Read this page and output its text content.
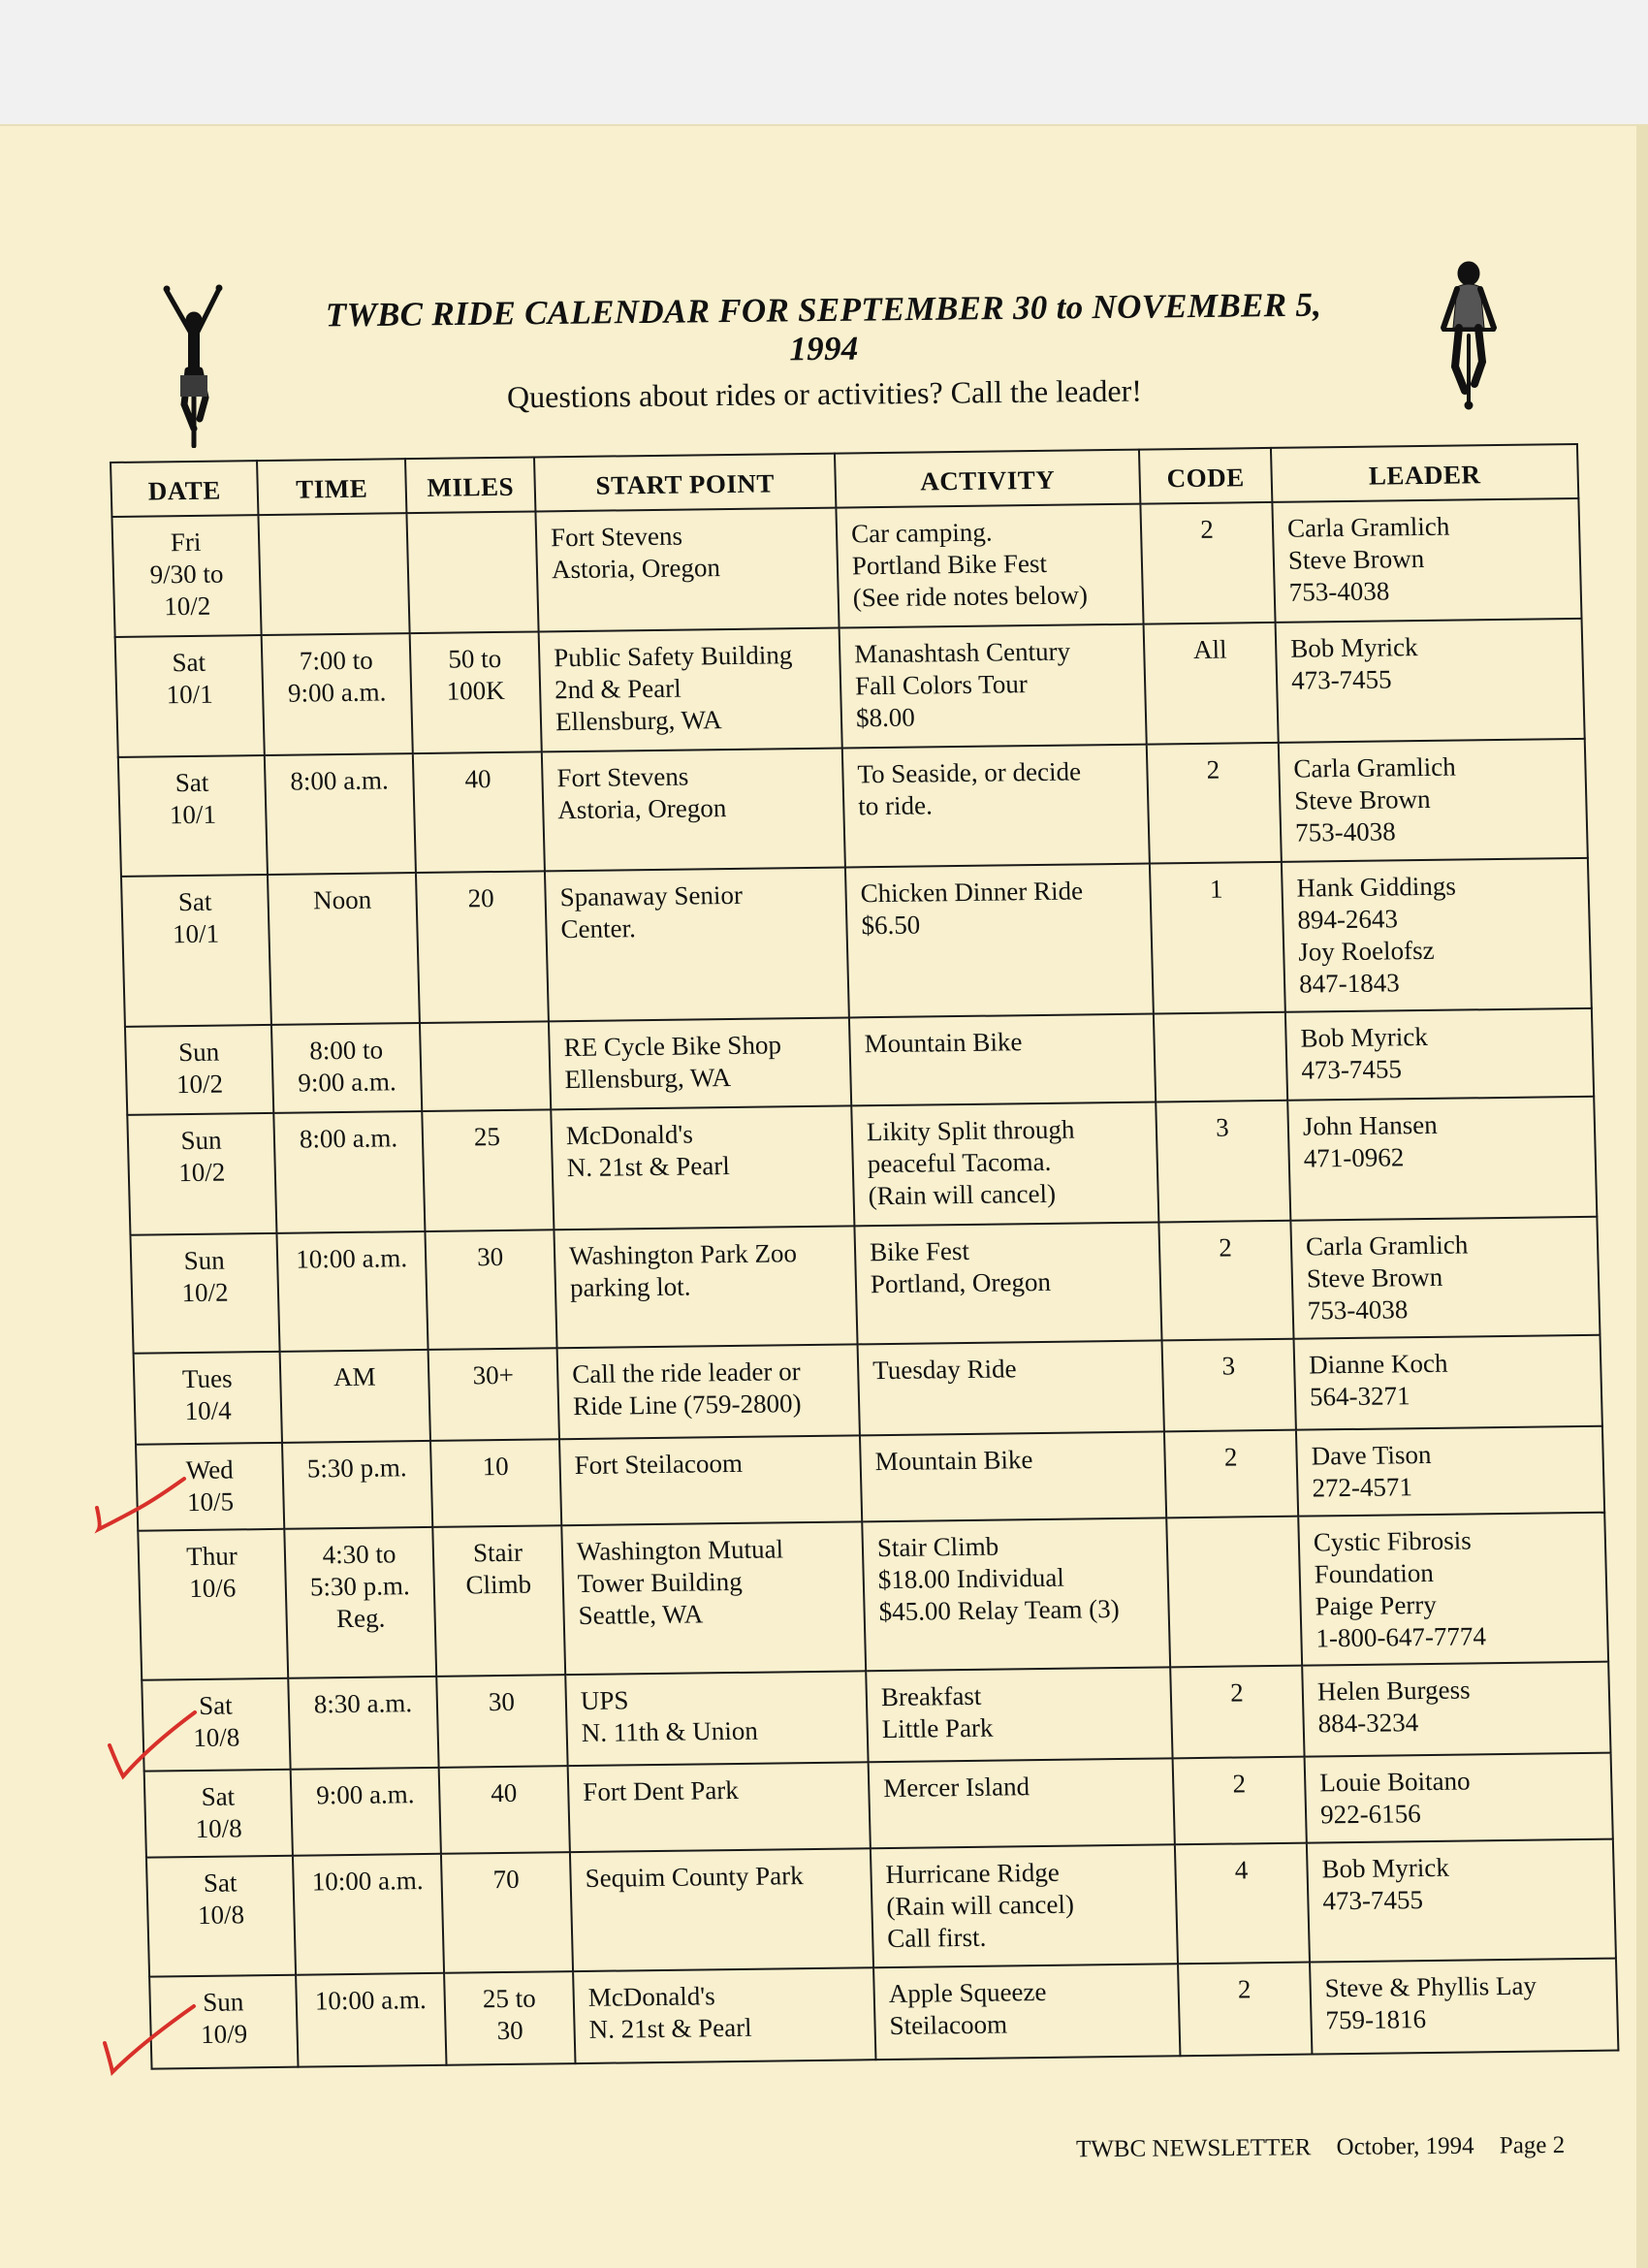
TWBC RIDE CALENDAR FOR SEPTEMBER 30 to NOVEMBER 5, 1994
Questions about rides or activities? Call the leader!
DATE	TIME	MILES	START POINT	ACTIVITY	CODE	LEADER

Fri
9/30 to
10/2			Fort Stevens
Astoria, Oregon	Car camping.
Portland Bike Fest
(See ride notes below)	2	Carla Gramlich
Steve Brown
753-4038

Sat
10/1	7:00 to
9:00 a.m.	50 to
100K	Public Safety Building
2nd & Pearl
Ellensburg, WA	Manashtash Century
Fall Colors Tour
$8.00	All	Bob Myrick
473-7455

Sat
10/1	8:00 a.m.	40	Fort Stevens
Astoria, Oregon	To Seaside, or decide
to ride.	2	Carla Gramlich
Steve Brown
753-4038

Sat
10/1	Noon	20	Spanaway Senior
Center.	Chicken Dinner Ride
$6.50	1	Hank Giddings
894-2643
Joy Roelofsz
847-1843

Sun
10/2	8:00 to
9:00 a.m.		RE Cycle Bike Shop
Ellensburg, WA	Mountain Bike		Bob Myrick
473-7455

Sun
10/2	8:00 a.m.	25	McDonald's
N. 21st & Pearl	Likity Split through
peaceful Tacoma.
(Rain will cancel)	3	John Hansen
471-0962

Sun
10/2	10:00 a.m.	30	Washington Park Zoo
parking lot.	Bike Fest
Portland, Oregon	2	Carla Gramlich
Steve Brown
753-4038

Tues
10/4	AM	30+	Call the ride leader or
Ride Line (759-2800)	Tuesday Ride	3	Dianne Koch
564-3271

Wed
10/5	5:30 p.m.	10	Fort Steilacoom	Mountain Bike	2	Dave Tison
272-4571

Thur
10/6	4:30 to
5:30 p.m.
Reg.	Stair
Climb	Washington Mutual
Tower Building
Seattle, WA	Stair Climb
$18.00 Individual
$45.00 Relay Team (3)		Cystic Fibrosis
Foundation
Paige Perry
1-800-647-7774

Sat
10/8	8:30 a.m.	30	UPS
N. 11th & Union	Breakfast
Little Park	2	Helen Burgess
884-3234

Sat
10/8	9:00 a.m.	40	Fort Dent Park	Mercer Island	2	Louie Boitano
922-6156

Sat
10/8	10:00 a.m.	70	Sequim County Park	Hurricane Ridge
(Rain will cancel)
Call first.	4	Bob Myrick
473-7455

Sun
10/9	10:00 a.m.	25 to
30	McDonald's
N. 21st & Pearl	Apple Squeeze
Steilacoom	2	Steve & Phyllis Lay
759-1816
TWBC NEWSLETTER October, 1994 Page 2
